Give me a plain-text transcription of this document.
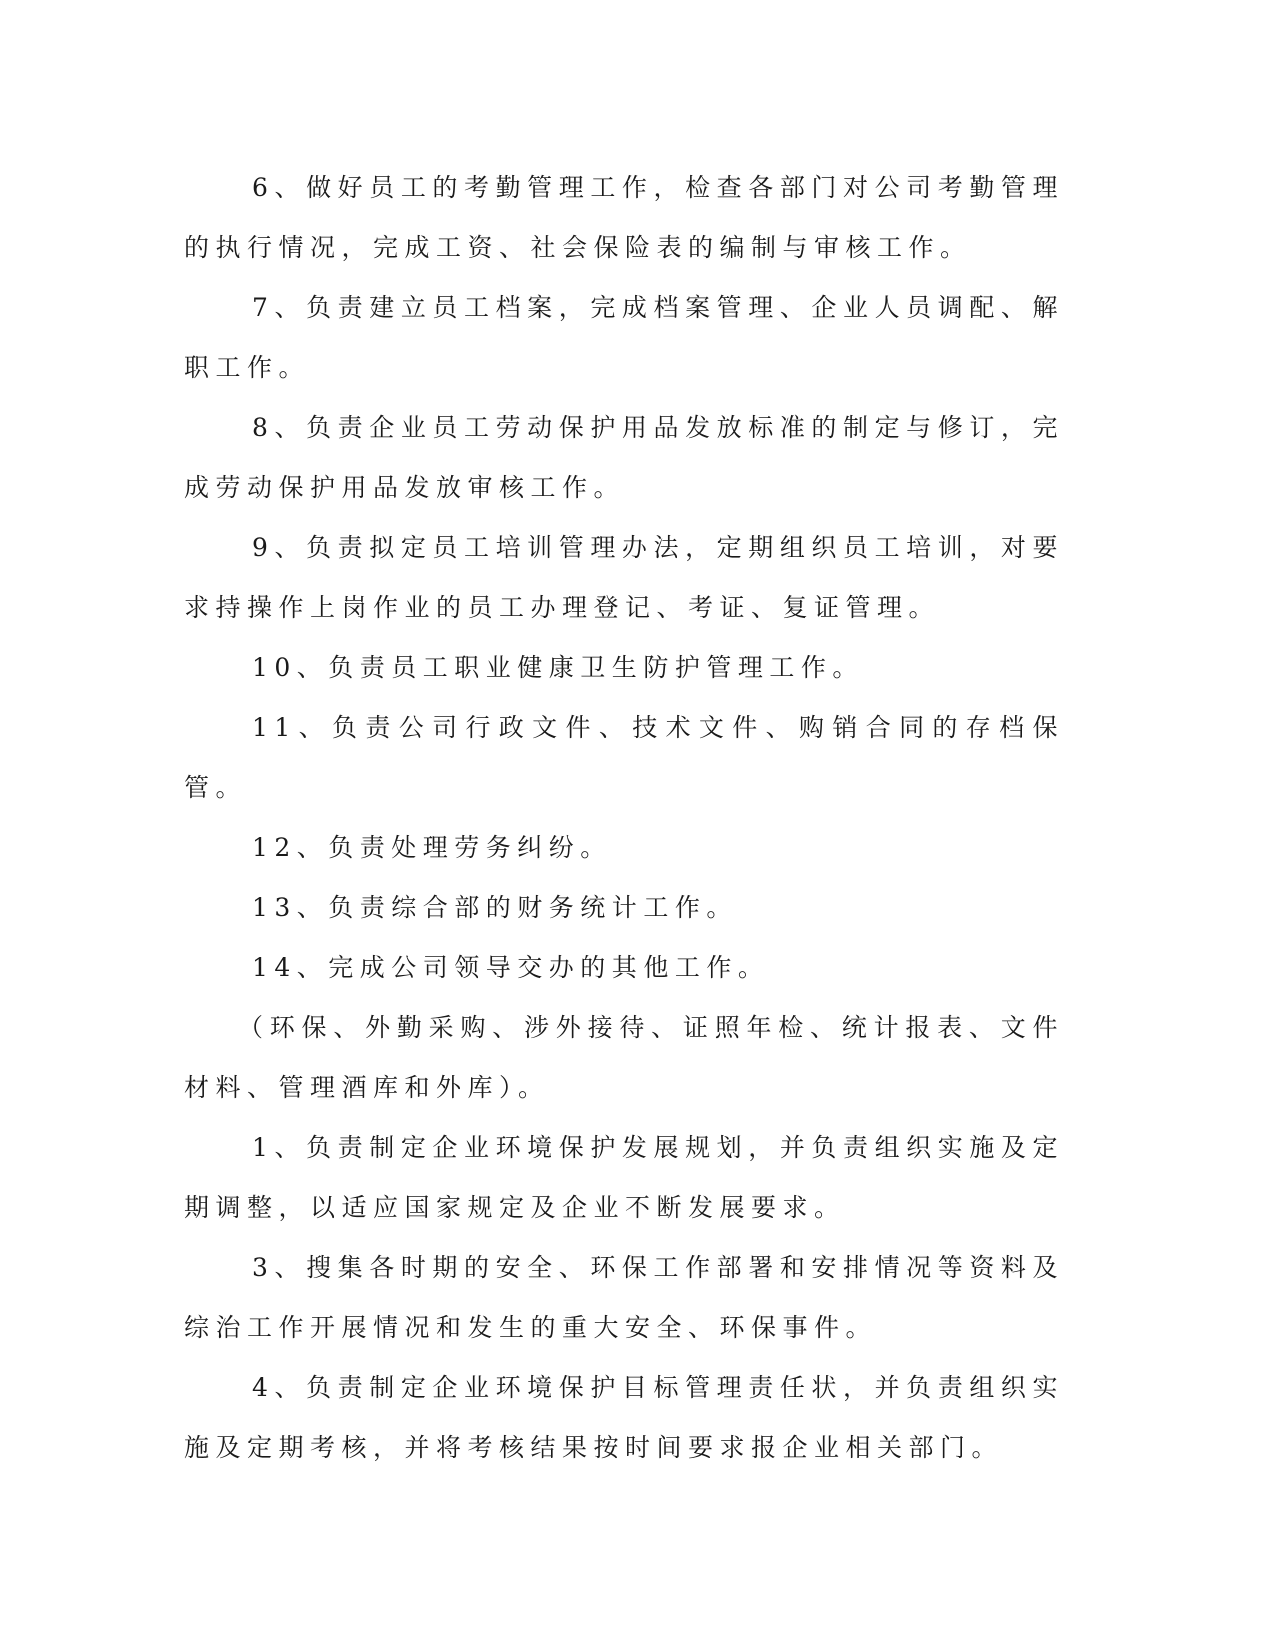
6、做好员工的考勤管理工作，检查各部门对公司考勤管理的执行情况，完成工资、社会保险表的编制与审核工作。

7、负责建立员工档案，完成档案管理、企业人员调配、解职工作。

8、负责企业员工劳动保护用品发放标准的制定与修订，完成劳动保护用品发放审核工作。

9、负责拟定员工培训管理办法，定期组织员工培训，对要求持操作上岗作业的员工办理登记、考证、复证管理。

10、负责员工职业健康卫生防护管理工作。

11、负责公司行政文件、技术文件、购销合同的存档保管。

12、负责处理劳务纠纷。

13、负责综合部的财务统计工作。

14、完成公司领导交办的其他工作。

（环保、外勤采购、涉外接待、证照年检、统计报表、文件材料、管理酒库和外库）。

1、负责制定企业环境保护发展规划，并负责组织实施及定期调整，以适应国家规定及企业不断发展要求。

3、搜集各时期的安全、环保工作部署和安排情况等资料及综治工作开展情况和发生的重大安全、环保事件。

4、负责制定企业环境保护目标管理责任状，并负责组织实施及定期考核，并将考核结果按时间要求报企业相关部门。
